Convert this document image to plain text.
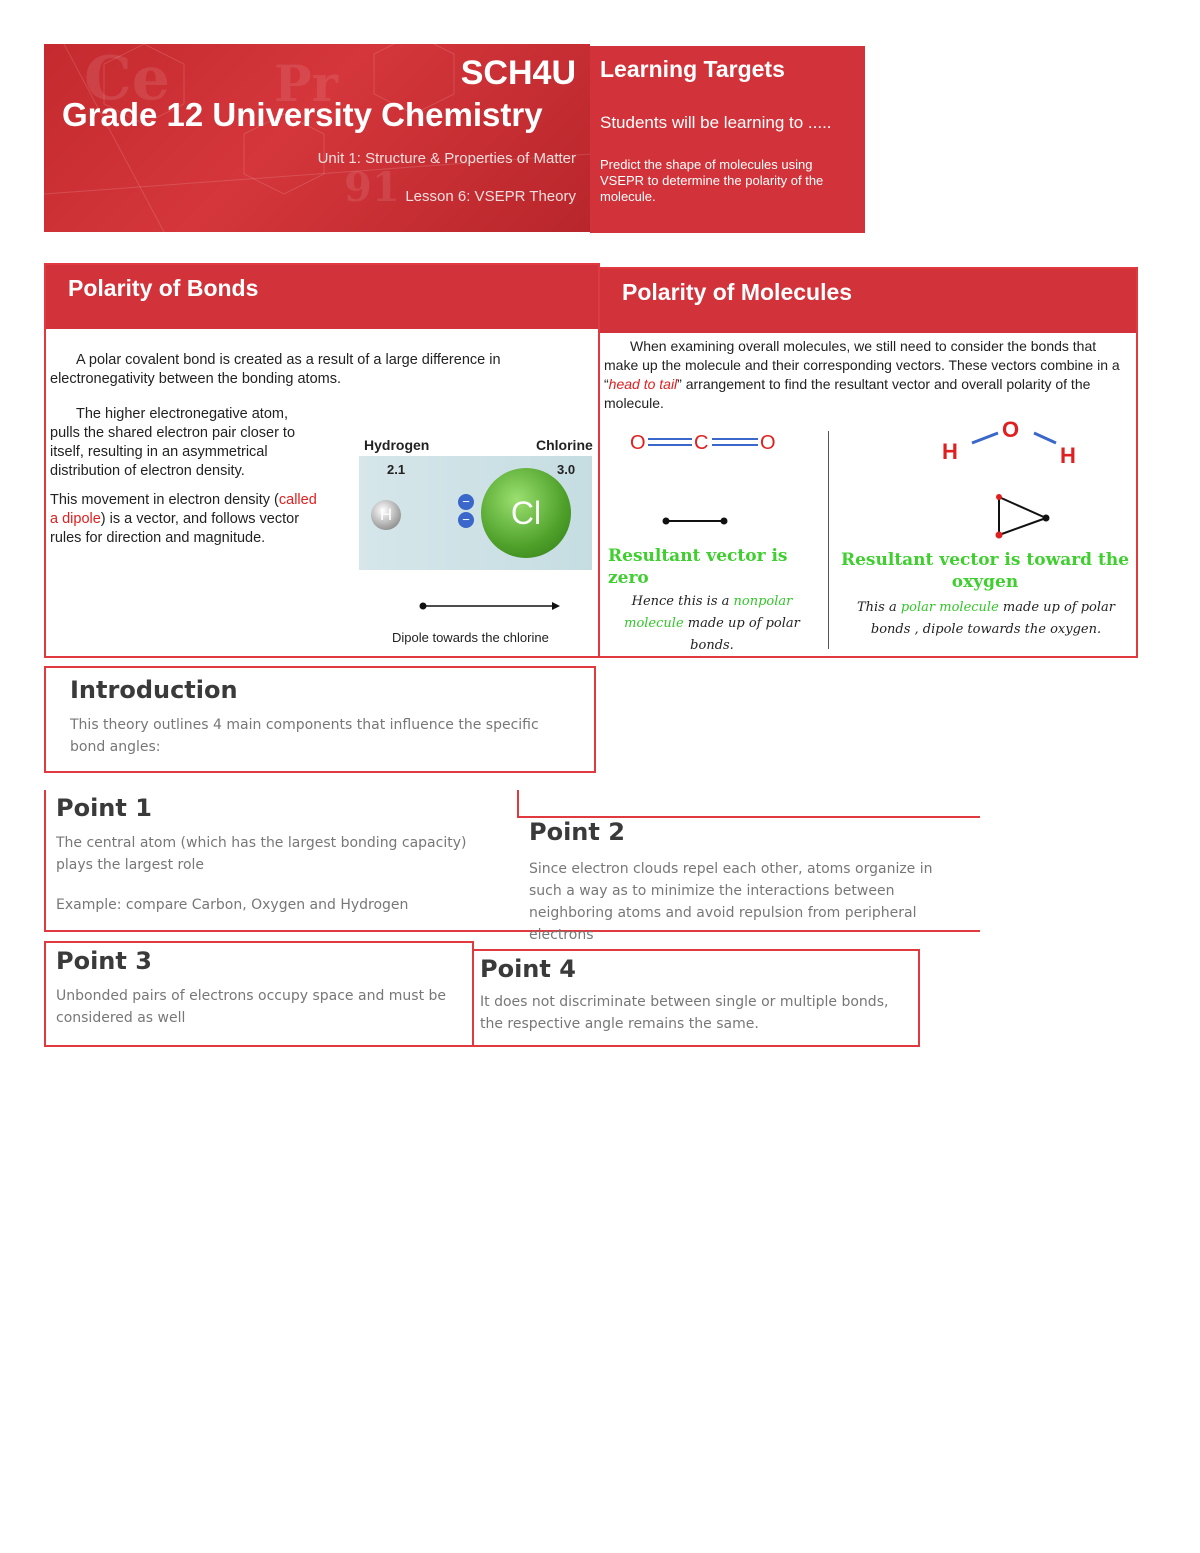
Ce Pr
91
SCH4U
Grade 12 University Chemistry
Unit 1: Structure & Properties of Matter
Lesson 6: VSEPR Theory
Learning Targets
Students will be learning to .....
Predict the shape of molecules using VSEPR to determine the polarity of the molecule.
Polarity of Bonds
A polar covalent bond is created as a result of a large difference in electronegativity between the bonding atoms.
The higher electronegative atom, pulls the shared electron pair closer to itself, resulting in an asymmetrical distribution of electron density.
This movement in electron density (called a dipole) is a vector, and follows vector rules for direction and magnitude.
Hydrogen	Chlorine
2.1	3.0
H
−
−	Cl
Dipole towards the chlorine
Polarity of Molecules
When examining overall molecules, we still need to consider the bonds that make up the molecule and their corresponding vectors. These vectors combine in a “head to tail” arrangement to find the resultant vector and overall polarity of the molecule.
O C	O
Resultant vector is zero
Hence this is a nonpolar molecule made up of polar bonds.
H
O
H
Resultant vector is toward the oxygen
This a polar molecule made up of polar bonds , dipole towards the oxygen.
Introduction

This theory outlines 4 main components that influence the specific bond angles:

Point 1

The central atom (which has the largest bonding capacity) plays the largest role

Example: compare Carbon, Oxygen and Hydrogen

Point 2

Since electron clouds repel each other, atoms organize in such a way as to minimize the interactions between neighboring atoms and avoid repulsion from peripheral electrons

Point 3

Unbonded pairs of electrons occupy space and must be considered as well

Point 4

It does not discriminate between single or multiple bonds, the respective angle remains the same.
